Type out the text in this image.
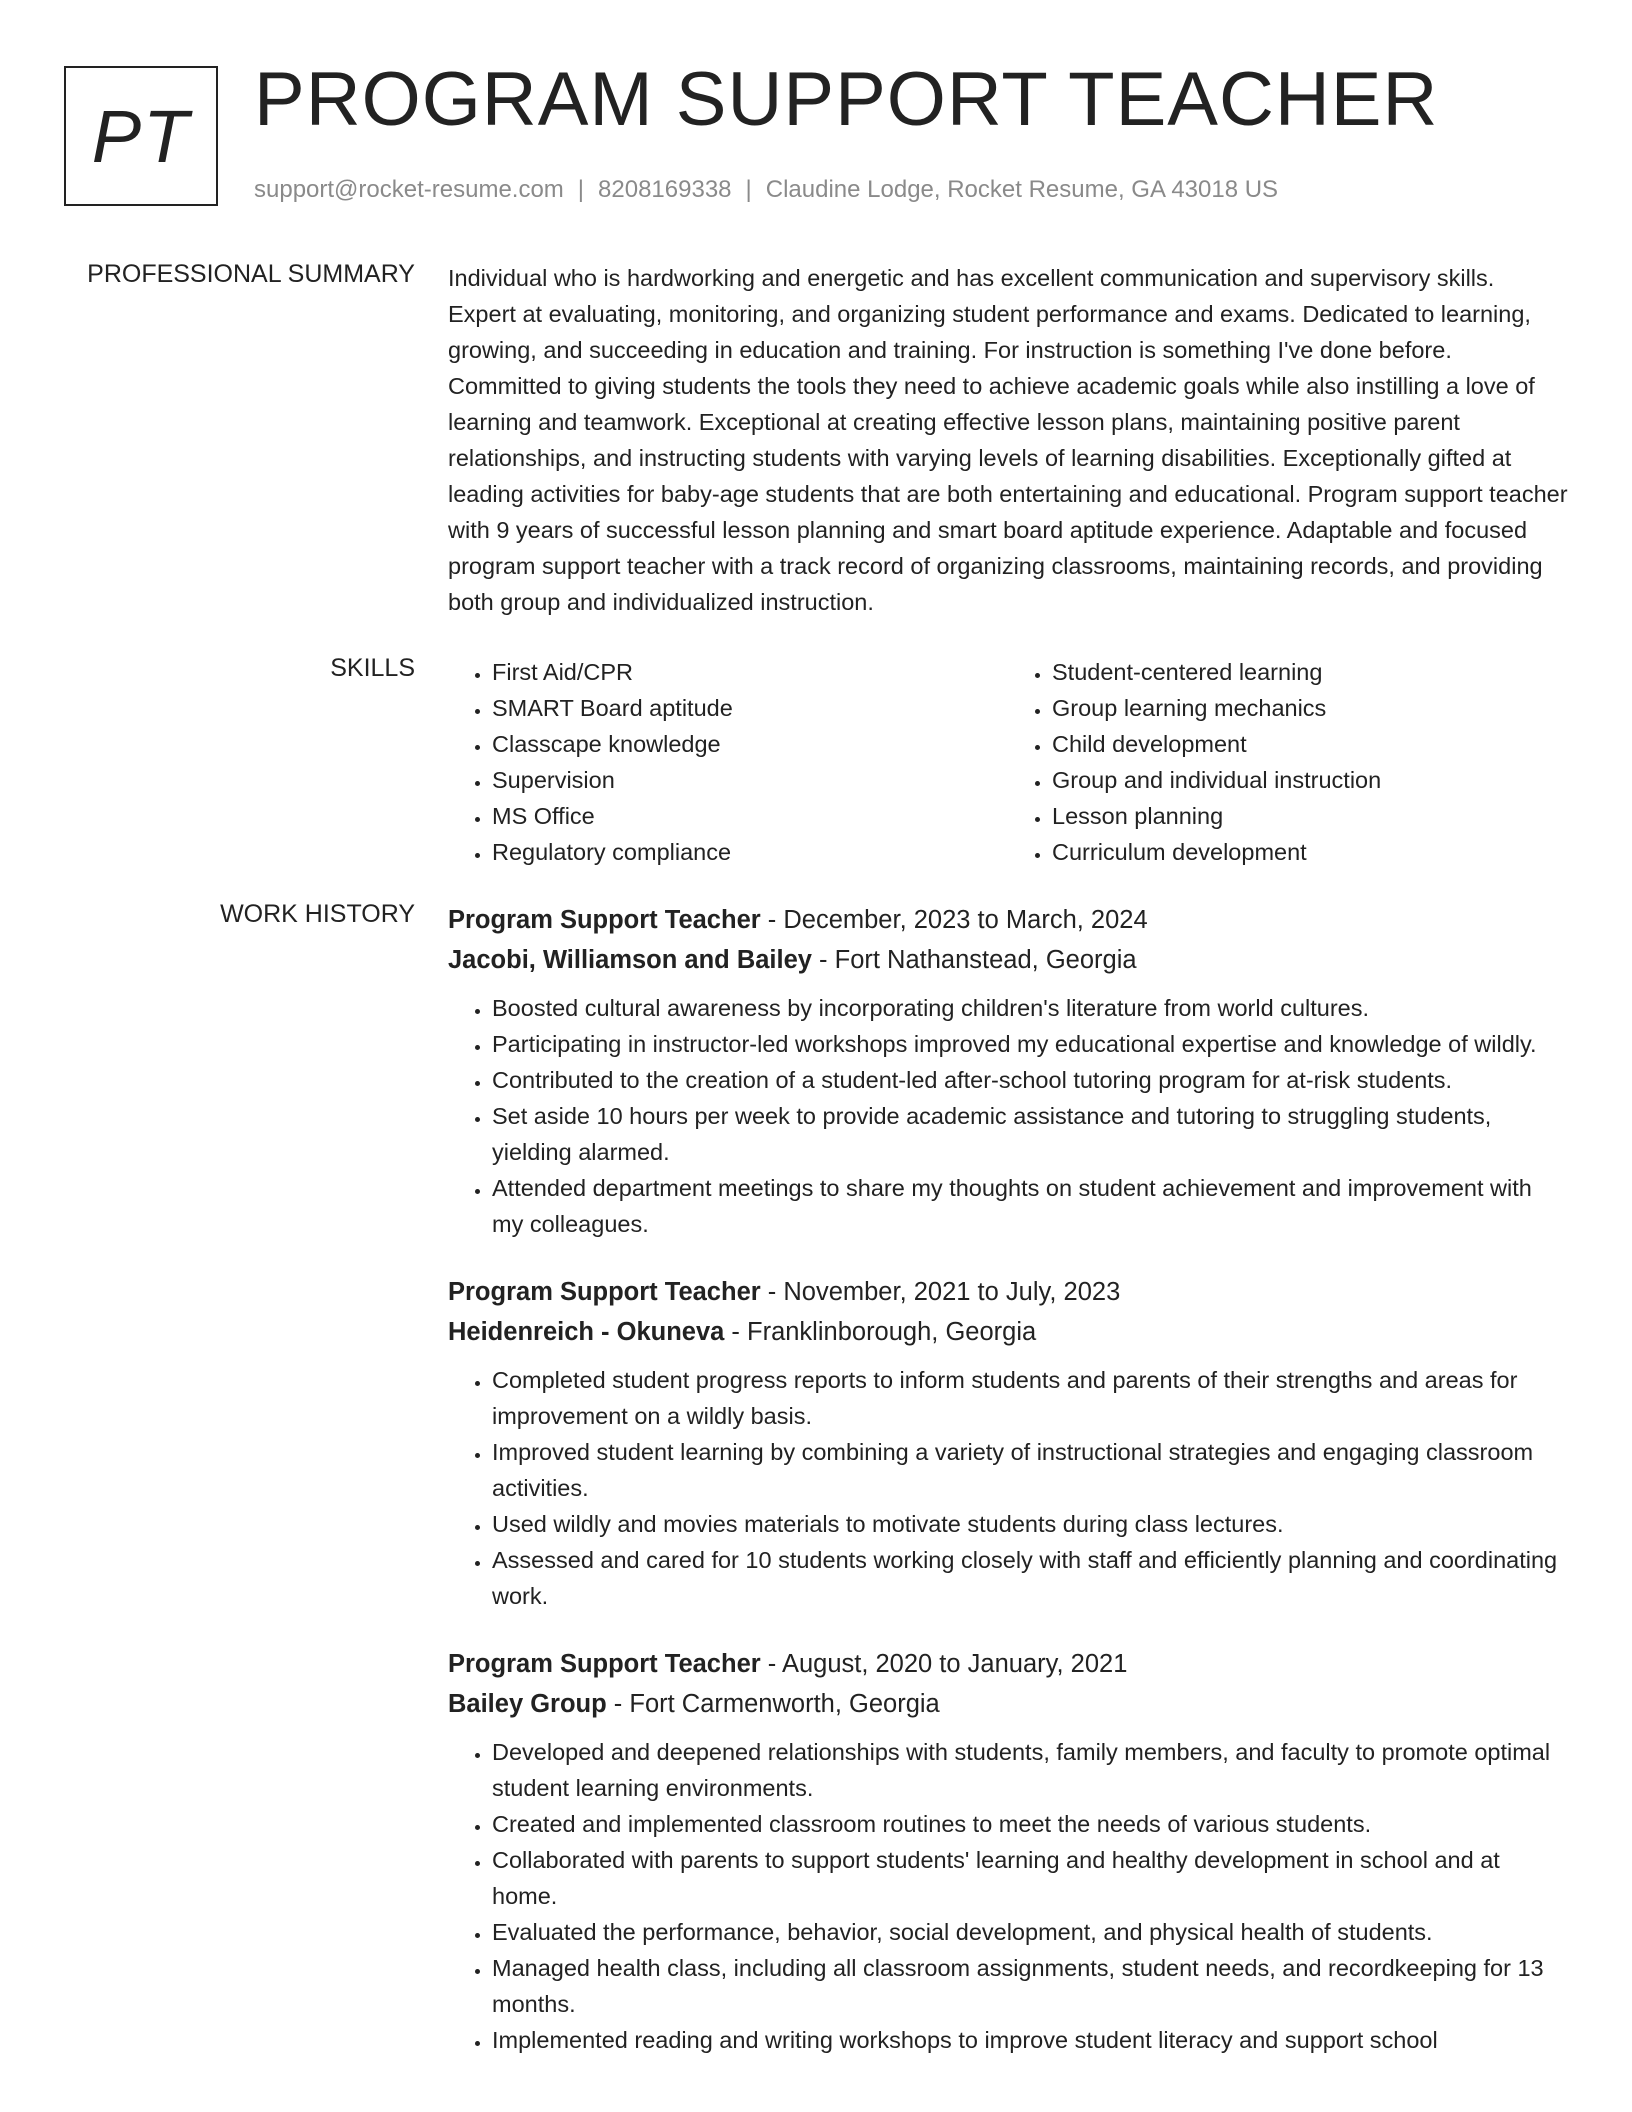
PT PROGRAM SUPPORT TEACHER
support@rocket-resume.com | 8208169338 | Claudine Lodge, Rocket Resume, GA 43018 US
PROFESSIONAL SUMMARY Individual who is hardworking and energetic and has excellent communication and supervisory skills. Expert at evaluating, monitoring, and organizing student performance and exams. Dedicated to learning, growing, and succeeding in education and training. For instruction is something I've done before. Committed to giving students the tools they need to achieve academic goals while also instilling a love of learning and teamwork. Exceptional at creating effective lesson plans, maintaining positive parent relationships, and instructing students with varying levels of learning disabilities. Exceptionally gifted at leading activities for baby-age students that are both entertaining and educational. Program support teacher with 9 years of successful lesson planning and smart board aptitude experience. Adaptable and focused program support teacher with a track record of organizing classrooms, maintaining records, and providing both group and individualized instruction.

SKILLS
•	First Aid/CPR
• SMART Board aptitude
• Classcape knowledge
• Supervision
• MS Office
• Regulatory compliance
• Student-centered learning
• Group learning mechanics
• Child development
• Group and individual instruction
• Lesson planning
• Curriculum development
WORK HISTORY Program Support Teacher - December, 2023 to March, 2024
Jacobi, Williamson and Bailey - Fort Nathanstead, Georgia
• Boosted cultural awareness by incorporating children's literature from world cultures.
• Participating in instructor-led workshops improved my educational expertise and knowledge of wildly.
• Contributed to the creation of a student-led after-school tutoring program for at-risk students.
• Set aside 10 hours per week to provide academic assistance and tutoring to struggling students, yielding alarmed.
• Attended department meetings to share my thoughts on student achievement and improvement with my colleagues.
Program Support Teacher - November, 2021 to July, 2023
Heidenreich - Okuneva - Franklinborough, Georgia
• Completed student progress reports to inform students and parents of their strengths and areas for improvement on a wildly basis.
• Improved student learning by combining a variety of instructional strategies and engaging classroom activities.
• Used wildly and movies materials to motivate students during class lectures.
• Assessed and cared for 10 students working closely with staff and efficiently planning and coordinating work.
Program Support Teacher - August, 2020 to January, 2021
Bailey Group - Fort Carmenworth, Georgia
• Developed and deepened relationships with students, family members, and faculty to promote optimal student learning environments.
• Created and implemented classroom routines to meet the needs of various students.
• Collaborated with parents to support students' learning and healthy development in school and at home.
• Evaluated the performance, behavior, social development, and physical health of students.
• Managed health class, including all classroom assignments, student needs, and recordkeeping for 13 months.
• Implemented reading and writing workshops to improve student literacy and support school
